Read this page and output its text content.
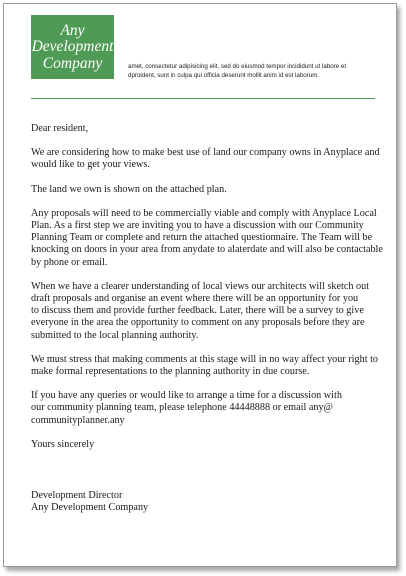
Any
Development
Company	amet, consectetur adipisicing elit, sed do eiusmod tempor incididunt ut labore et
dproident, sunt in culpa qui officia deserunt mollit anim id est laborum.

Dear resident,

We are considering how to make best use of land our company owns in Anyplace and
would like to get your views.

The land we own is shown on the attached plan.

Any proposals will need to be commercially viable and comply with Anyplace Local
Plan. As a first step we are inviting you to have a discussion with our Community
Planning Team or complete and return the attached questionnaire. The Team will be
knocking on doors in your area from anydate to alaterdate and will also be contactable
by phone or email.

When we have a clearer understanding of local views our architects will sketch out
draft proposals and organise an event where there will be an opportunity for you
to discuss them and provide further feedback. Later, there will be a survey to give
everyone in the area the opportunity to comment on any proposals before they are
submitted to the local planning authority.

We must stress that making comments at this stage will in no way affect your right to
make formal representations to the planning authority in due course.

If you have any queries or would like to arrange a time for a discussion with
our community planning team, please telephone 44448888 or email any@
communityplanner.any

Yours sincerely

Development Director
Any Development Company
